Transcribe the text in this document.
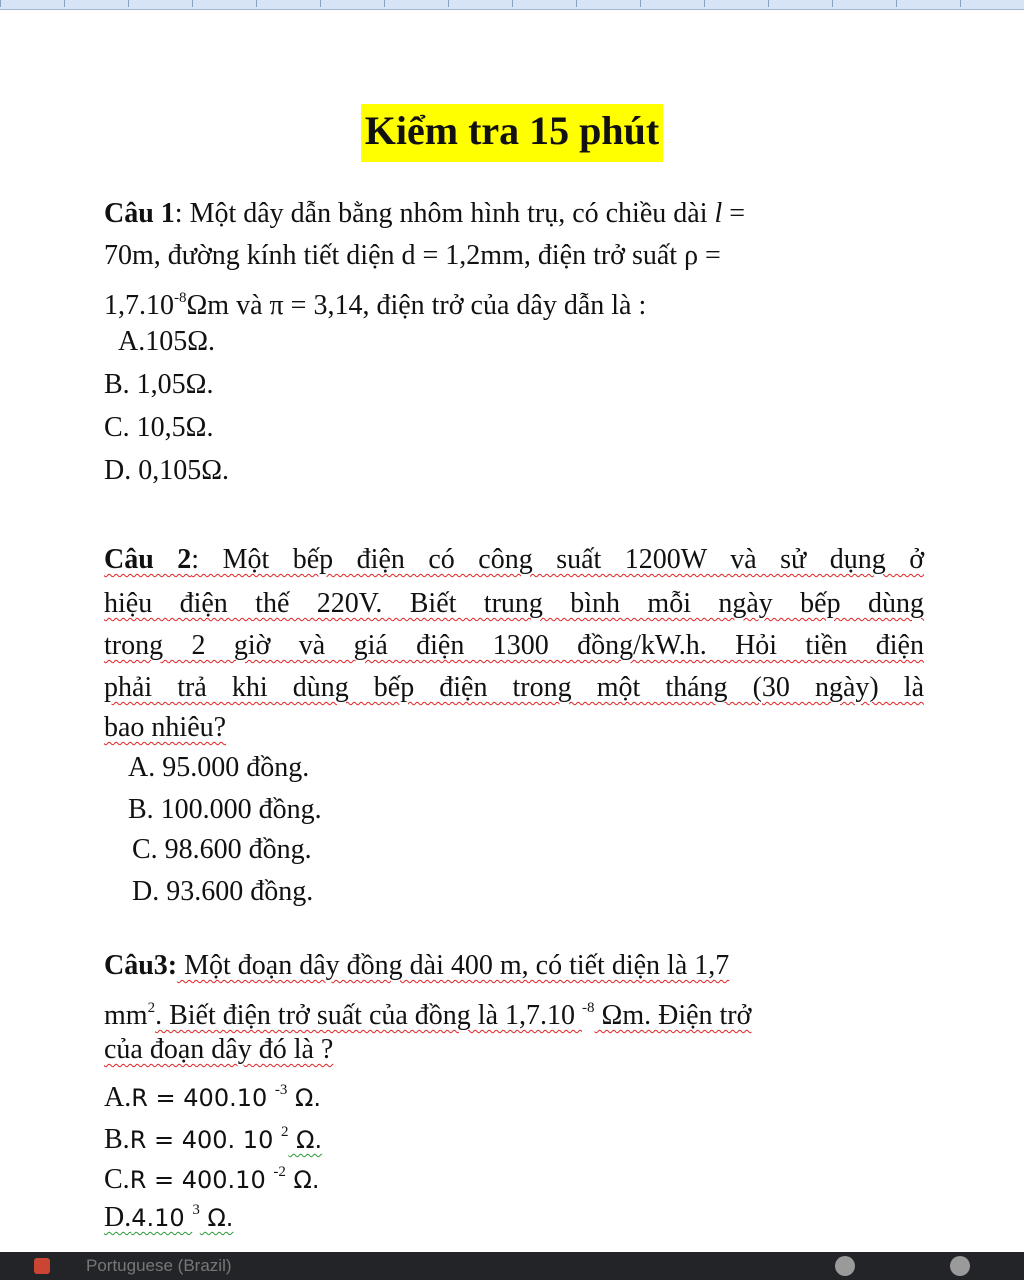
Kiểm tra 15 phút
Câu 1: Một dây dẫn bằng nhôm hình trụ, có chiều dài l =
70m, đường kính tiết diện d = 1,2mm, điện trở suất ρ =
$1,7.10^{-8}\Omega m$ và π = 3,14, điện trở của dây dẫn là :
A.105Ω.
B. 1,05Ω.
C. 10,5Ω.
D. 0,105Ω.
Câu 2: Một bếp điện có công suất 1200W và sử dụng ở
hiệu điện thế 220V. Biết trung bình mỗi ngày bếp dùng
trong 2 giờ và giá điện 1300 đồng/kW.h. Hỏi tiền điện
phải trả khi dùng bếp điện trong một tháng (30 ngày) là
bao nhiêu?
A. 95.000 đồng.
B. 100.000 đồng.
C. 98.600 đồng.
D. 93.600 đồng.
Câu3: Một đoạn dây đồng dài 400 m, có tiết diện là 1,7
$mm^2$. Biết điện trở suất của đồng là 1,7.10 $^{-8}$ Ωm. Điện trở
của đoạn dây đó là ?
A.R = 400.10 $^{-3}$ Ω.
B.R = 400. 10 $^2$ Ω.
C.R = 400.10 $^{-2}$ Ω.
D.4.10 $^3$ Ω.
Portuguese (Brazil)
